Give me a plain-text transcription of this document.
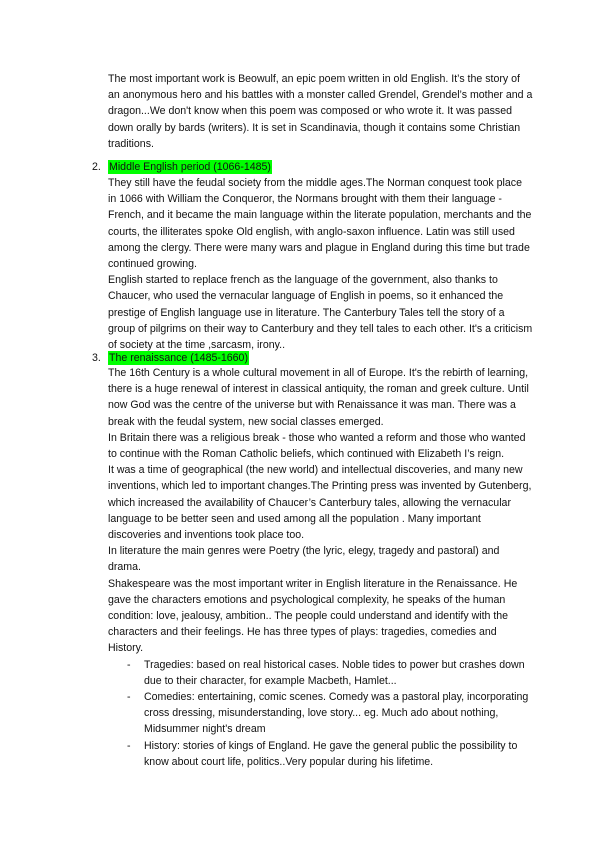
The most important work is Beowulf, an epic poem written in old English. It’s the story of an anonymous hero and his battles with a monster called Grendel, Grendel’s mother and a dragon...We don't know when this poem was composed or who wrote it. It was passed down orally by bards (writers). It is set in Scandinavia, though it contains some Christian traditions.

2. Middle English period (1066-1485)

They still have the feudal society from the middle ages.The Norman conquest took place in 1066 with William the Conqueror, the Normans brought with them their language - French, and it became the main language within the literate population, merchants and the courts, the illiterates spoke Old english, with anglo-saxon influence. Latin was still used among the clergy. There were many wars and plague in England during this time but trade continued growing.

English started to replace french as the language of the government, also thanks to Chaucer, who used the vernacular language of English in poems, so it enhanced the prestige of English language use in literature. The Canterbury Tales tell the story of a group of pilgrims on their way to Canterbury and they tell tales to each other. It's a criticism of society at the time ,sarcasm, irony..

3. The renaissance (1485-1660)

The 16th Century is a whole cultural movement in all of Europe. It's the rebirth of learning, there is a huge renewal of interest in classical antiquity, the roman and greek culture. Until now God was the centre of the universe but with Renaissance it was man. There was a break with the feudal system, new social classes emerged.

In Britain there was a religious break - those who wanted a reform and those who wanted to continue with the Roman Catholic beliefs, which continued with Elizabeth I’s reign.

It was a time of geographical (the new world) and intellectual discoveries, and many new inventions, which led to important changes.The Printing press was invented by Gutenberg, which increased the availability of Chaucer’s Canterbury tales, allowing the vernacular language to be better seen and used among all the population . Many important discoveries and inventions took place too.

In literature the main genres were Poetry (the lyric, elegy, tragedy and pastoral) and drama.

Shakespeare was the most important writer in English literature in the Renaissance. He gave the characters emotions and psychological complexity, he speaks of the human condition: love, jealousy, ambition.. The people could understand and identify with the characters and their feelings. He has three types of plays: tragedies, comedies and History.

- Tragedies: based on real historical cases. Noble tides to power but crashes down due to their character, for example Macbeth, Hamlet...
- Comedies: entertaining, comic scenes. Comedy was a pastoral play, incorporating cross dressing, misunderstanding, love story... eg. Much ado about nothing, Midsummer night's dream
- History: stories of kings of England. He gave the general public the possibility to know about court life, politics..Very popular during his lifetime.
